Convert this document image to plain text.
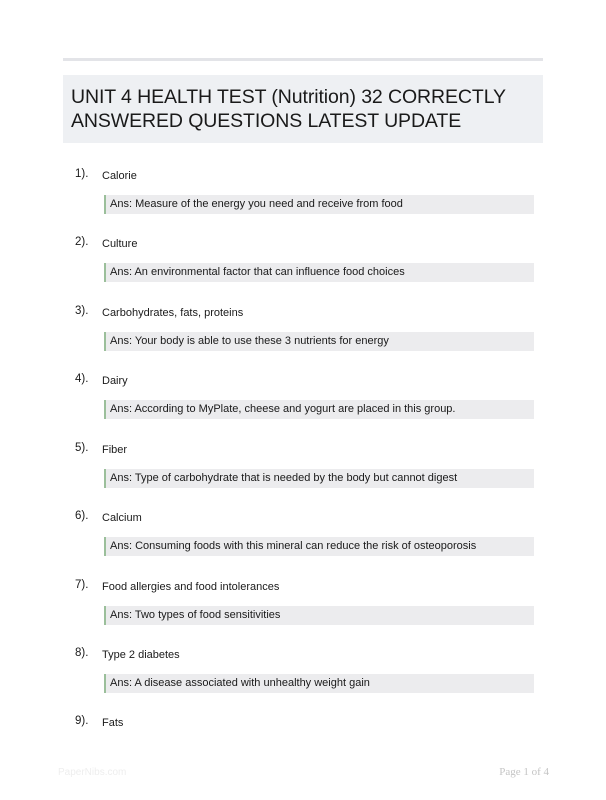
UNIT 4 HEALTH TEST (Nutrition) 32 CORRECTLY ANSWERED QUESTIONS LATEST UPDATE
1). Calorie
Ans: Measure of the energy you need and receive from food
2). Culture
Ans: An environmental factor that can influence food choices
3). Carbohydrates, fats, proteins
Ans: Your body is able to use these 3 nutrients for energy
4). Dairy
Ans: According to MyPlate, cheese and yogurt are placed in this group.
5). Fiber
Ans: Type of carbohydrate that is needed by the body but cannot digest
6). Calcium
Ans: Consuming foods with this mineral can reduce the risk of osteoporosis
7). Food allergies and food intolerances
Ans: Two types of food sensitivities
8). Type 2 diabetes
Ans: A disease associated with unhealthy weight gain
9). Fats
PaperNibs.com	Page 1 of 4
